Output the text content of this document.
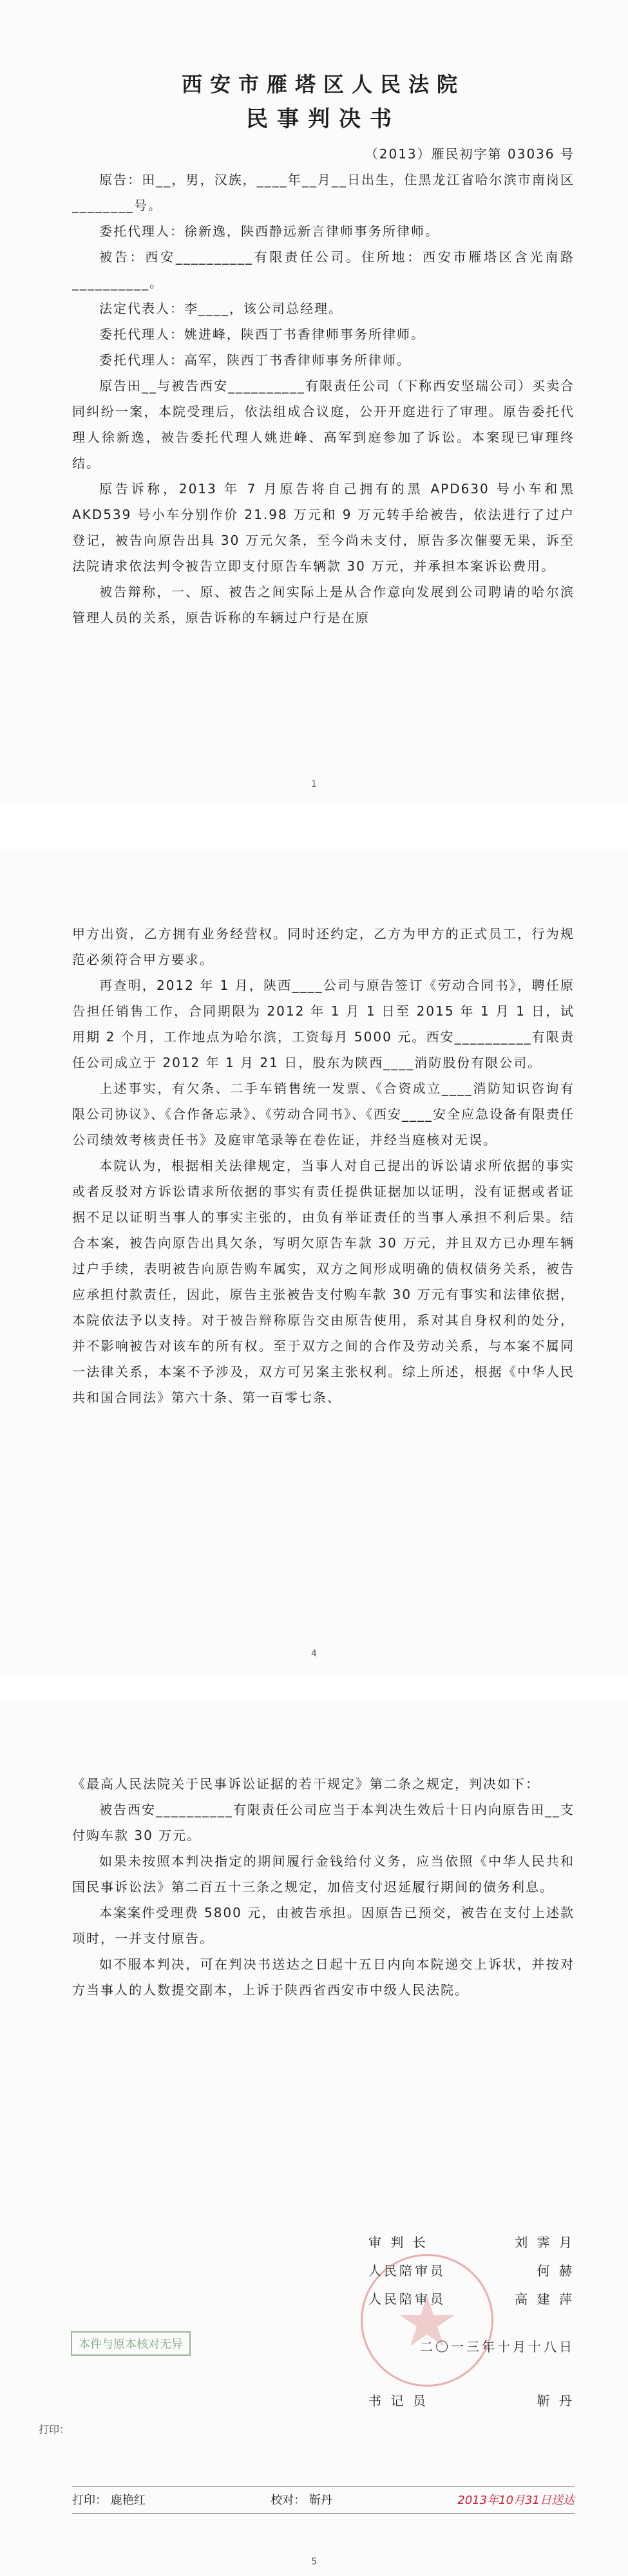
西安市雁塔区人民法院
民事判决书
（2013）雁民初字第 03036 号

原告：田__，男，汉族，____年__月__日出生，住黑龙江省哈尔滨市南岗区________号。

委托代理人：徐新逸，陕西静远新言律师事务所律师。

被告：西安__________有限责任公司。住所地：西安市雁塔区含光南路__________。

法定代表人：李____，该公司总经理。

委托代理人：姚进峰，陕西丁书香律师事务所律师。

委托代理人：高军，陕西丁书香律师事务所律师。

原告田__与被告西安__________有限责任公司（下称西安坚瑞公司）买卖合同纠纷一案，本院受理后，依法组成合议庭，公开开庭进行了审理。原告委托代理人徐新逸，被告委托代理人姚进峰、高军到庭参加了诉讼。本案现已审理终结。

原告诉称，2013 年 7 月原告将自己拥有的黑 APD630 号小车和黑 AKD539 号小车分别作价 21.98 万元和 9 万元转手给被告，依法进行了过户登记，被告向原告出具 30 万元欠条，至今尚未支付，原告多次催要无果，诉至法院请求依法判令被告立即支付原告车辆款 30 万元，并承担本案诉讼费用。

被告辩称，一、原、被告之间实际上是从合作意向发展到公司聘请的哈尔滨管理人员的关系，原告诉称的车辆过户行是在原

1

甲方出资，乙方拥有业务经营权。同时还约定，乙方为甲方的正式员工，行为规范必须符合甲方要求。

再查明，2012 年 1 月，陕西____公司与原告签订《劳动合同书》，聘任原告担任销售工作，合同期限为 2012 年 1 月 1 日至 2015 年 1 月 1 日，试用期 2 个月，工作地点为哈尔滨，工资每月 5000 元。西安__________有限责任公司成立于 2012 年 1 月 21 日，股东为陕西____消防股份有限公司。

上述事实，有欠条、二手车销售统一发票、《合资成立____消防知识咨询有限公司协议》、《合作备忘录》、《劳动合同书》、《西安____安全应急设备有限责任公司绩效考核责任书》及庭审笔录等在卷佐证，并经当庭核对无误。

本院认为，根据相关法律规定，当事人对自己提出的诉讼请求所依据的事实或者反驳对方诉讼请求所依据的事实有责任提供证据加以证明，没有证据或者证据不足以证明当事人的事实主张的，由负有举证责任的当事人承担不利后果。结合本案，被告向原告出具欠条，写明欠原告车款 30 万元，并且双方已办理车辆过户手续，表明被告向原告购车属实，双方之间形成明确的债权债务关系，被告应承担付款责任，因此，原告主张被告支付购车款 30 万元有事实和法律依据，本院依法予以支持。对于被告辩称原告交由原告使用，系对其自身权利的处分，并不影响被告对该车的所有权。至于双方之间的合作及劳动关系，与本案不属同一法律关系，本案不予涉及，双方可另案主张权利。综上所述，根据《中华人民共和国合同法》第六十条、第一百零七条、

4

《最高人民法院关于民事诉讼证据的若干规定》第二条之规定，判决如下：

被告西安__________有限责任公司应当于本判决生效后十日内向原告田__支付购车款 30 万元。

如果未按照本判决指定的期间履行金钱给付义务，应当依照《中华人民共和国民事诉讼法》第二百五十三条之规定，加倍支付迟延履行期间的债务利息。

本案案件受理费 5800 元，由被告承担。因原告已预交，被告在支付上述款项时，一并支付原告。

如不服本判决，可在判决书送达之日起十五日内向本院递交上诉状，并按对方当事人的人数提交副本，上诉于陕西省西安市中级人民法院。

审 判 长	刘 霁 月
人民陪审员	何 赫
人民陪审员	高 建 萍
二〇一三年十月十八日
书 记 员	靳 丹
本件与原本核对无异
打印：
打印： 鹿艳红	校对： 靳丹	2013年10月31日送达
5
